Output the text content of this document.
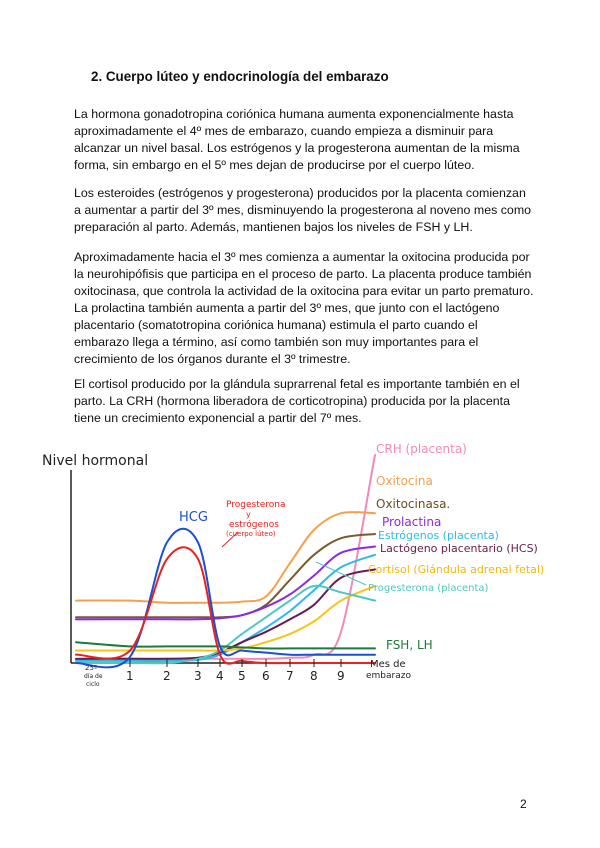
2. Cuerpo lúteo y endocrinología del embarazo

La hormona gonadotropina coriónica humana aumenta exponencialmente hasta aproximadamente el 4º mes de embarazo, cuando empieza a disminuir para alcanzar un nivel basal. Los estrógenos y la progesterona aumentan de la misma forma, sin embargo en el 5º mes dejan de producirse por el cuerpo lúteo.

Los esteroides (estrógenos y progesterona) producidos por la placenta comienzan a aumentar a partir del 3º mes, disminuyendo la progesterona al noveno mes como preparación al parto. Además, mantienen bajos los niveles de FSH y LH.

Aproximadamente hacia el 3º mes comienza a aumentar la oxitocina producida por la neurohipófisis que participa en el proceso de parto. La placenta produce también oxitocinasa, que controla la actividad de la oxitocina para evitar un parto prematuro. La prolactina también aumenta a partir del 3º mes, que junto con el lactógeno placentario (somatotropina coriónica humana) estimula el parto cuando el embarazo llega a término, así como también son muy importantes para el crecimiento de los órganos durante el 3º trimestre.

El cortisol producido por la glándula suprarrenal fetal es importante también en el parto. La CRH (hormona liberadora de corticotropina) producida por la placenta tiene un crecimiento exponencial a partir del 7º mes.

Nivel hormonal
25º
día de
ciclo
1 2 3 4 5 6 7 8 9
Mes de
embarazo
HCG
Progesterona
y
estrógenos
(cuerpo lúteo)
CRH (placenta)
Oxitocina
Oxitocinasa.
Prolactina
Estrógenos (placenta)
Lactógeno placentario (HCS)
Cortisol (Glándula adrenal fetal)
Progesterona (placenta)
FSH, LH
2
